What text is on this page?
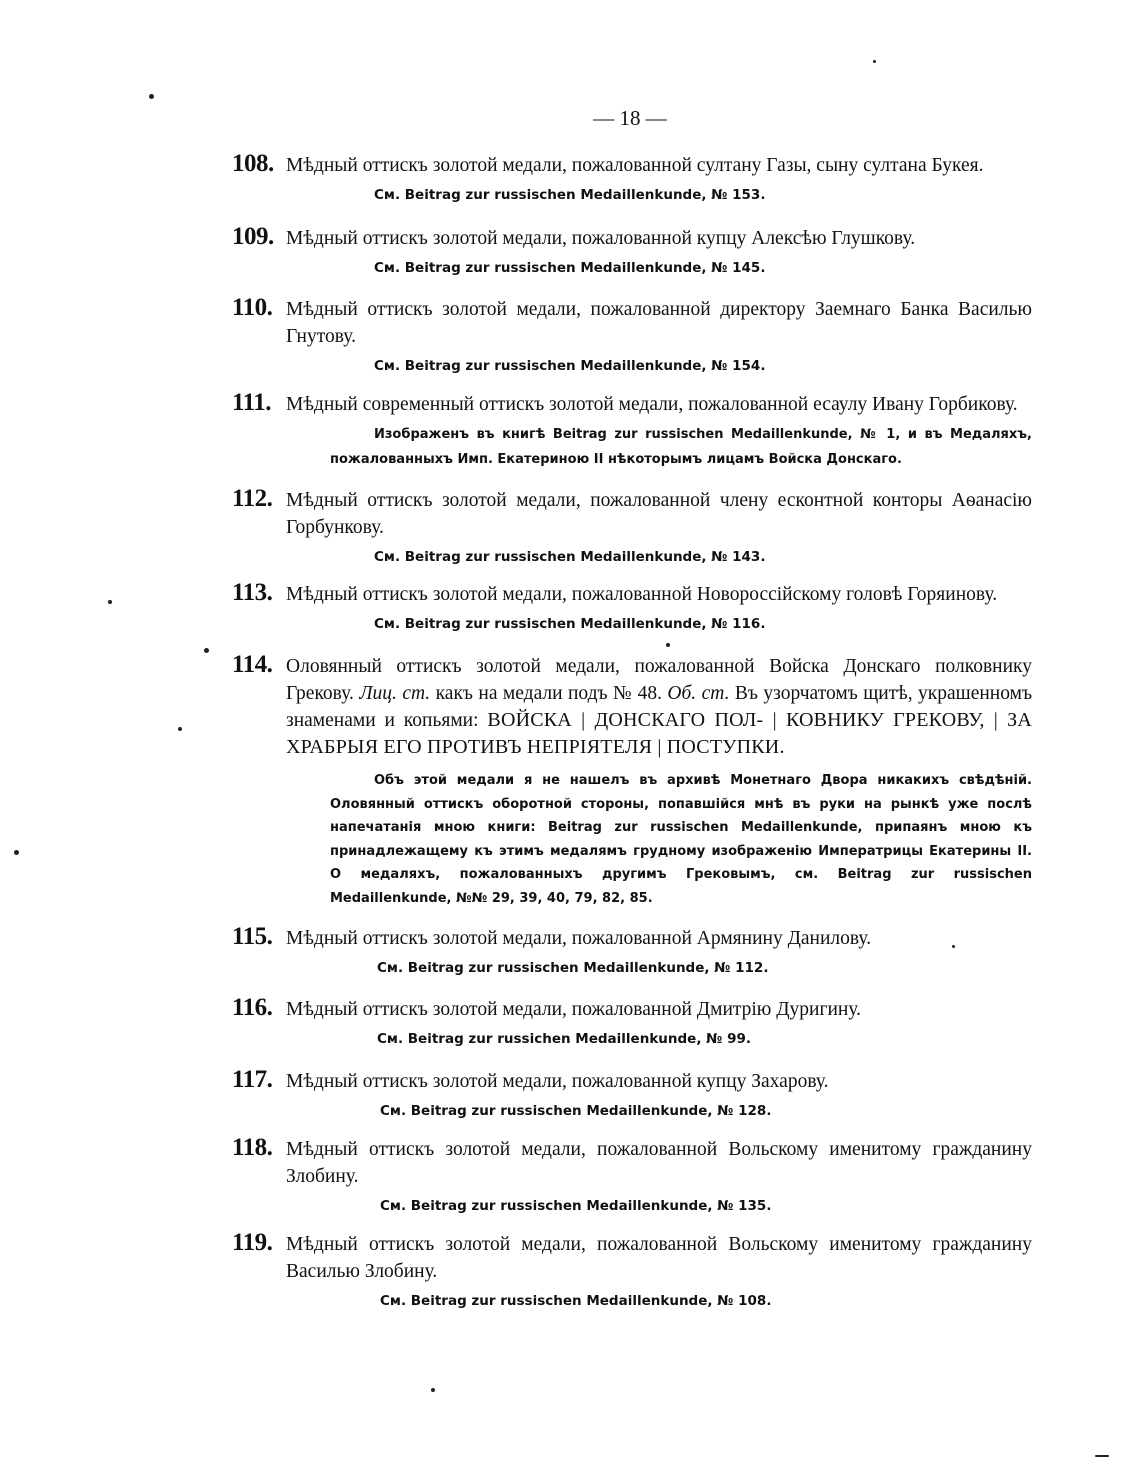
— 18 —
108. Мѣдный оттискъ золотой медали, пожалованной султану Газы, сыну султана Букея.
См. Beitrag zur russischen Medaillenkunde, № 153.
109. Мѣдный оттискъ золотой медали, пожалованной купцу Алексѣю Глушкову.
См. Beitrag zur russischen Medaillenkunde, № 145.
110. Мѣдный оттискъ золотой медали, пожалованной директору Заемнаго Банка Василью Гнутову.
См. Beitrag zur russischen Medaillenkunde, № 154.
111. Мѣдный современный оттискъ золотой медали, пожалованной есаулу Ивану Горбикову.
Изображенъ въ книгѣ Beitrag zur russischen Medaillenkunde, № 1, и въ Медаляхъ, пожалованныхъ Имп. Екатериною II нѣкоторымъ лицамъ Войска Донскаго.
112. Мѣдный оттискъ золотой медали, пожалованной члену есконтной конторы Аѳанасію Горбункову.
См. Beitrag zur russischen Medaillenkunde, № 143.
113. Мѣдный оттискъ золотой медали, пожалованной Новороссійскому головѣ Горяинову.
См. Beitrag zur russischen Medaillenkunde, № 116.
114. Оловянный оттискъ золотой медали, пожалованной Войска Донскаго полковнику Грекову. Лиц. ст. какъ на медали подъ № 48. Об. ст. Въ узорчатомъ щитѣ, украшенномъ знаменами и копьями: ВОЙСКА | ДОНСКАГО ПОЛ- | КОВНИКУ ГРЕКОВУ, | ЗА ХРАБРЫЯ ЕГО ПРОТИВЪ НЕПРІЯТЕЛЯ | ПОСТУПКИ.
Объ этой медали я не нашелъ въ архивѣ Монетнаго Двора никакихъ свѣдѣній. Оловянный оттискъ оборотной стороны, попавшійся мнѣ въ руки на рынкѣ уже послѣ напечатанія мною книги: Beitrag zur russischen Medaillenkunde, припаянъ мною къ принадлежащему къ этимъ медалямъ грудному изображенію Императрицы Екатерины II. О медаляхъ, пожалованныхъ другимъ Грековымъ, см. Beitrag zur russischen Medaillenkunde, №№ 29, 39, 40, 79, 82, 85.
115. Мѣдный оттискъ золотой медали, пожалованной Армянину Данилову.
См. Beitrag zur russischen Medaillenkunde, № 112.
116. Мѣдный оттискъ золотой медали, пожалованной Дмитрію Дуригину.
См. Beitrag zur russichen Medaillenkunde, № 99.
117. Мѣдный оттискъ золотой медали, пожалованной купцу Захарову.
См. Beitrag zur russischen Medaillenkunde, № 128.
118. Мѣдный оттискъ золотой медали, пожалованной Вольскому именитому гражданину Злобину.
См. Beitrag zur russischen Medaillenkunde, № 135.
119. Мѣдный оттискъ золотой медали, пожалованной Вольскому именитому гражданину Василью Злобину.
См. Beitrag zur russischen Medaillenkunde, № 108.
